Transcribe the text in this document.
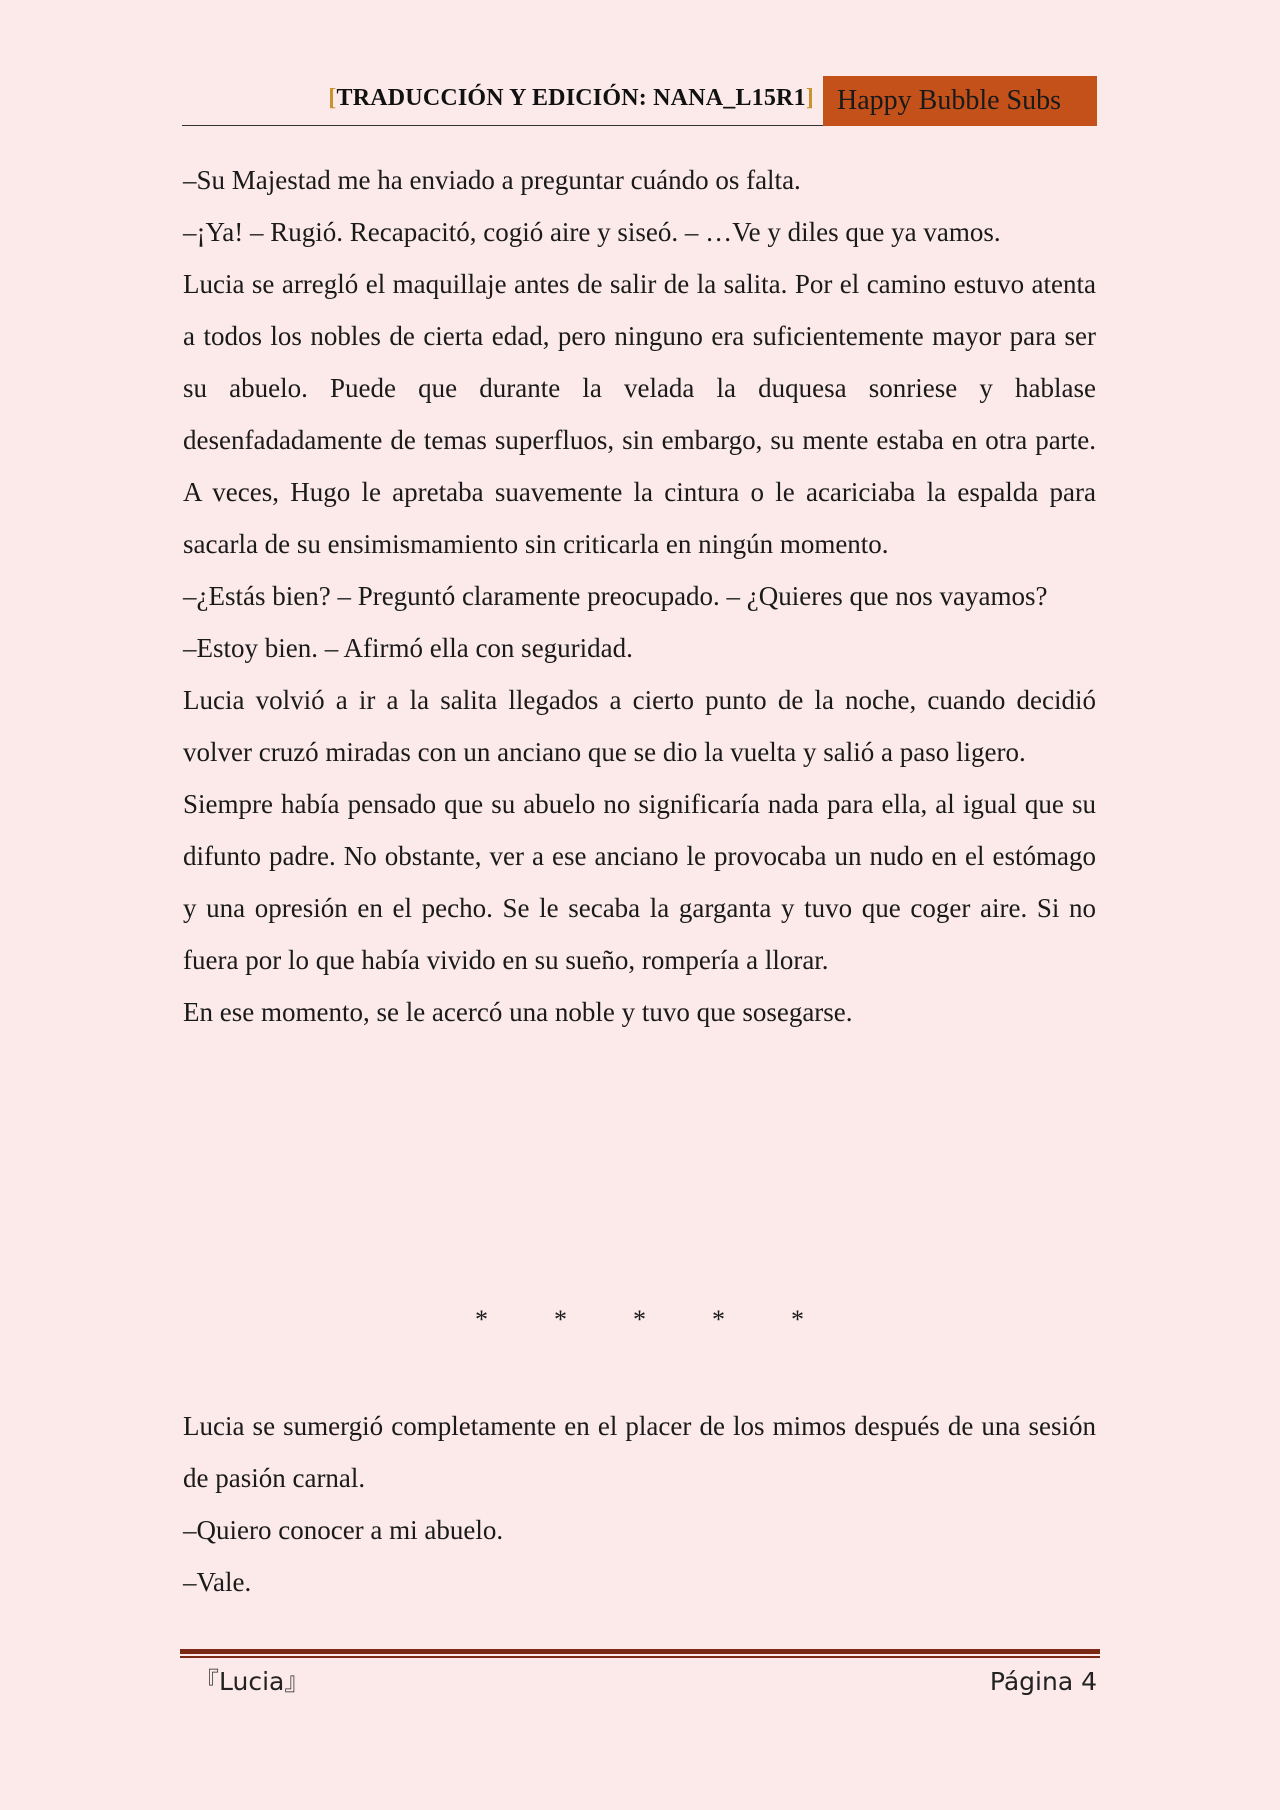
[TRADUCCIÓN Y EDICIÓN: NANA_L15R1] Happy Bubble Subs

–Su Majestad me ha enviado a preguntar cuándo os falta.

–¡Ya! – Rugió. Recapacitó, cogió aire y siseó. – …Ve y diles que ya vamos.

Lucia se arregló el maquillaje antes de salir de la salita. Por el camino estuvo atenta a todos los nobles de cierta edad, pero ninguno era suficientemente mayor para ser su abuelo. Puede que durante la velada la duquesa sonriese y hablase desenfadadamente de temas superfluos, sin embargo, su mente estaba en otra parte. A veces, Hugo le apretaba suavemente la cintura o le acariciaba la espalda para sacarla de su ensimismamiento sin criticarla en ningún momento.

–¿Estás bien? – Preguntó claramente preocupado. – ¿Quieres que nos vayamos?

–Estoy bien. – Afirmó ella con seguridad.

Lucia volvió a ir a la salita llegados a cierto punto de la noche, cuando decidió volver cruzó miradas con un anciano que se dio la vuelta y salió a paso ligero.

Siempre había pensado que su abuelo no significaría nada para ella, al igual que su difunto padre. No obstante, ver a ese anciano le provocaba un nudo en el estómago y una opresión en el pecho. Se le secaba la garganta y tuvo que coger aire. Si no fuera por lo que había vivido en su sueño, rompería a llorar.

En ese momento, se le acercó una noble y tuvo que sosegarse.

*	*	*	*	*

Lucia se sumergió completamente en el placer de los mimos después de una sesión de pasión carnal.

–Quiero conocer a mi abuelo.

–Vale.

『Lucia』	Página 4
